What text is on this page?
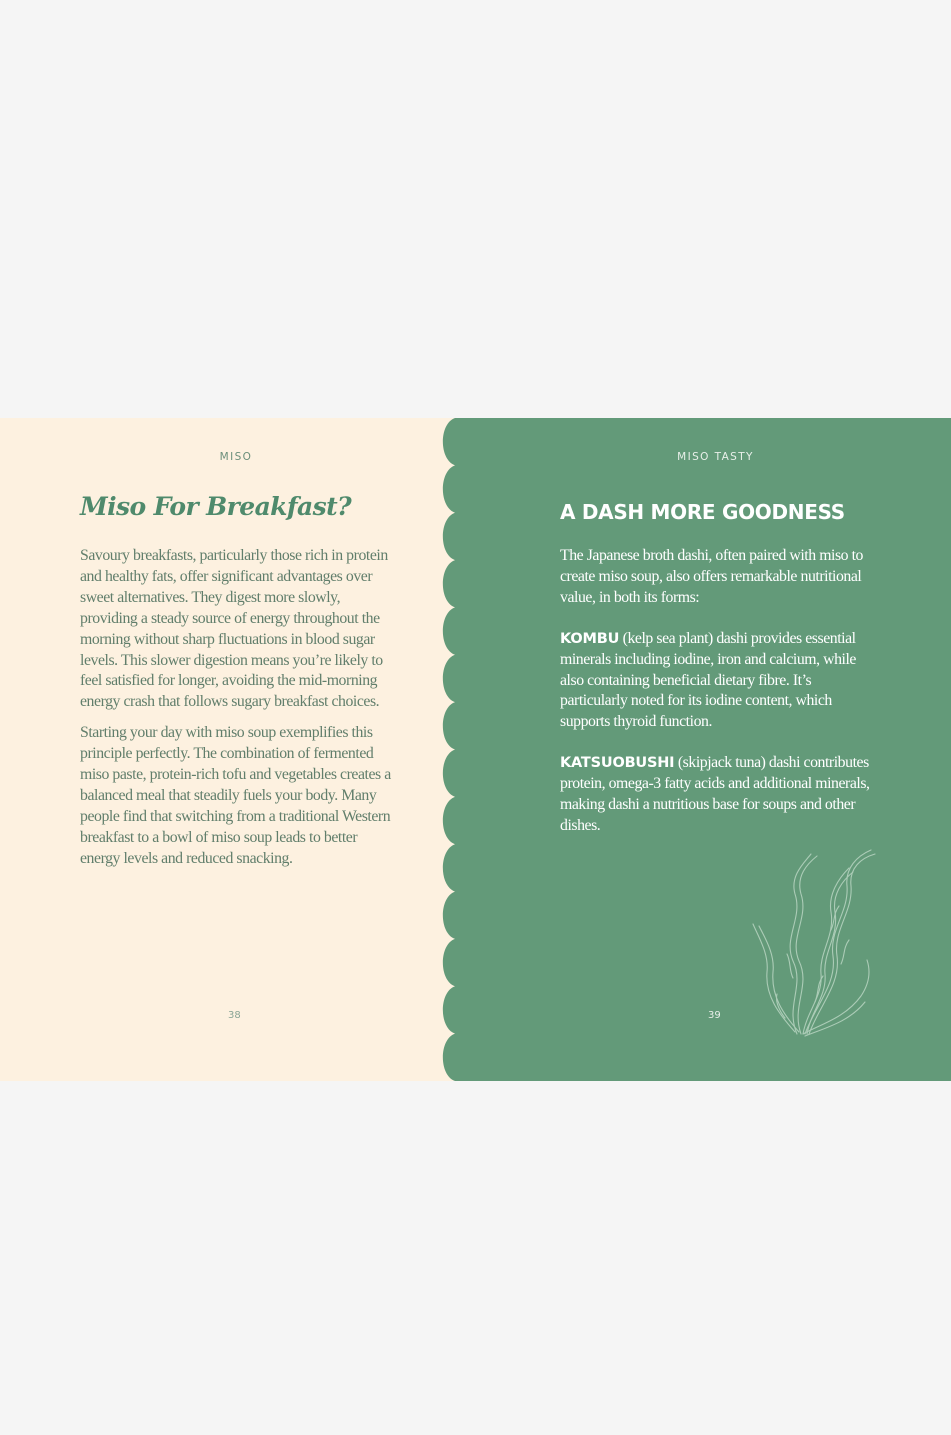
MISO	MISO TASTY

Miso For Breakfast?

Savoury breakfasts, particularly those rich in protein and healthy fats, offer significant advantages over sweet alternatives. They digest more slowly, providing a steady source of energy throughout the morning without sharp fluctuations in blood sugar levels. This slower digestion means you’re likely to feel satisfied for longer, avoiding the mid-morning energy crash that follows sugary breakfast choices.

Starting your day with miso soup exemplifies this principle perfectly. The combination of fermented miso paste, protein-rich tofu and vegetables creates a balanced meal that steadily fuels your body. Many people find that switching from a traditional Western breakfast to a bowl of miso soup leads to better energy levels and reduced snacking.

A DASH MORE GOODNESS

The Japanese broth dashi, often paired with miso to create miso soup, also offers remarkable nutritional value, in both its forms:

KOMBU (kelp sea plant) dashi provides essential minerals including iodine, iron and calcium, while also containing beneficial dietary fibre. It’s particularly noted for its iodine content, which supports thyroid function.

KATSUOBUSHI (skipjack tuna) dashi contributes protein, omega-3 fatty acids and additional minerals, making dashi a nutritious base for soups and other dishes.

38	39
